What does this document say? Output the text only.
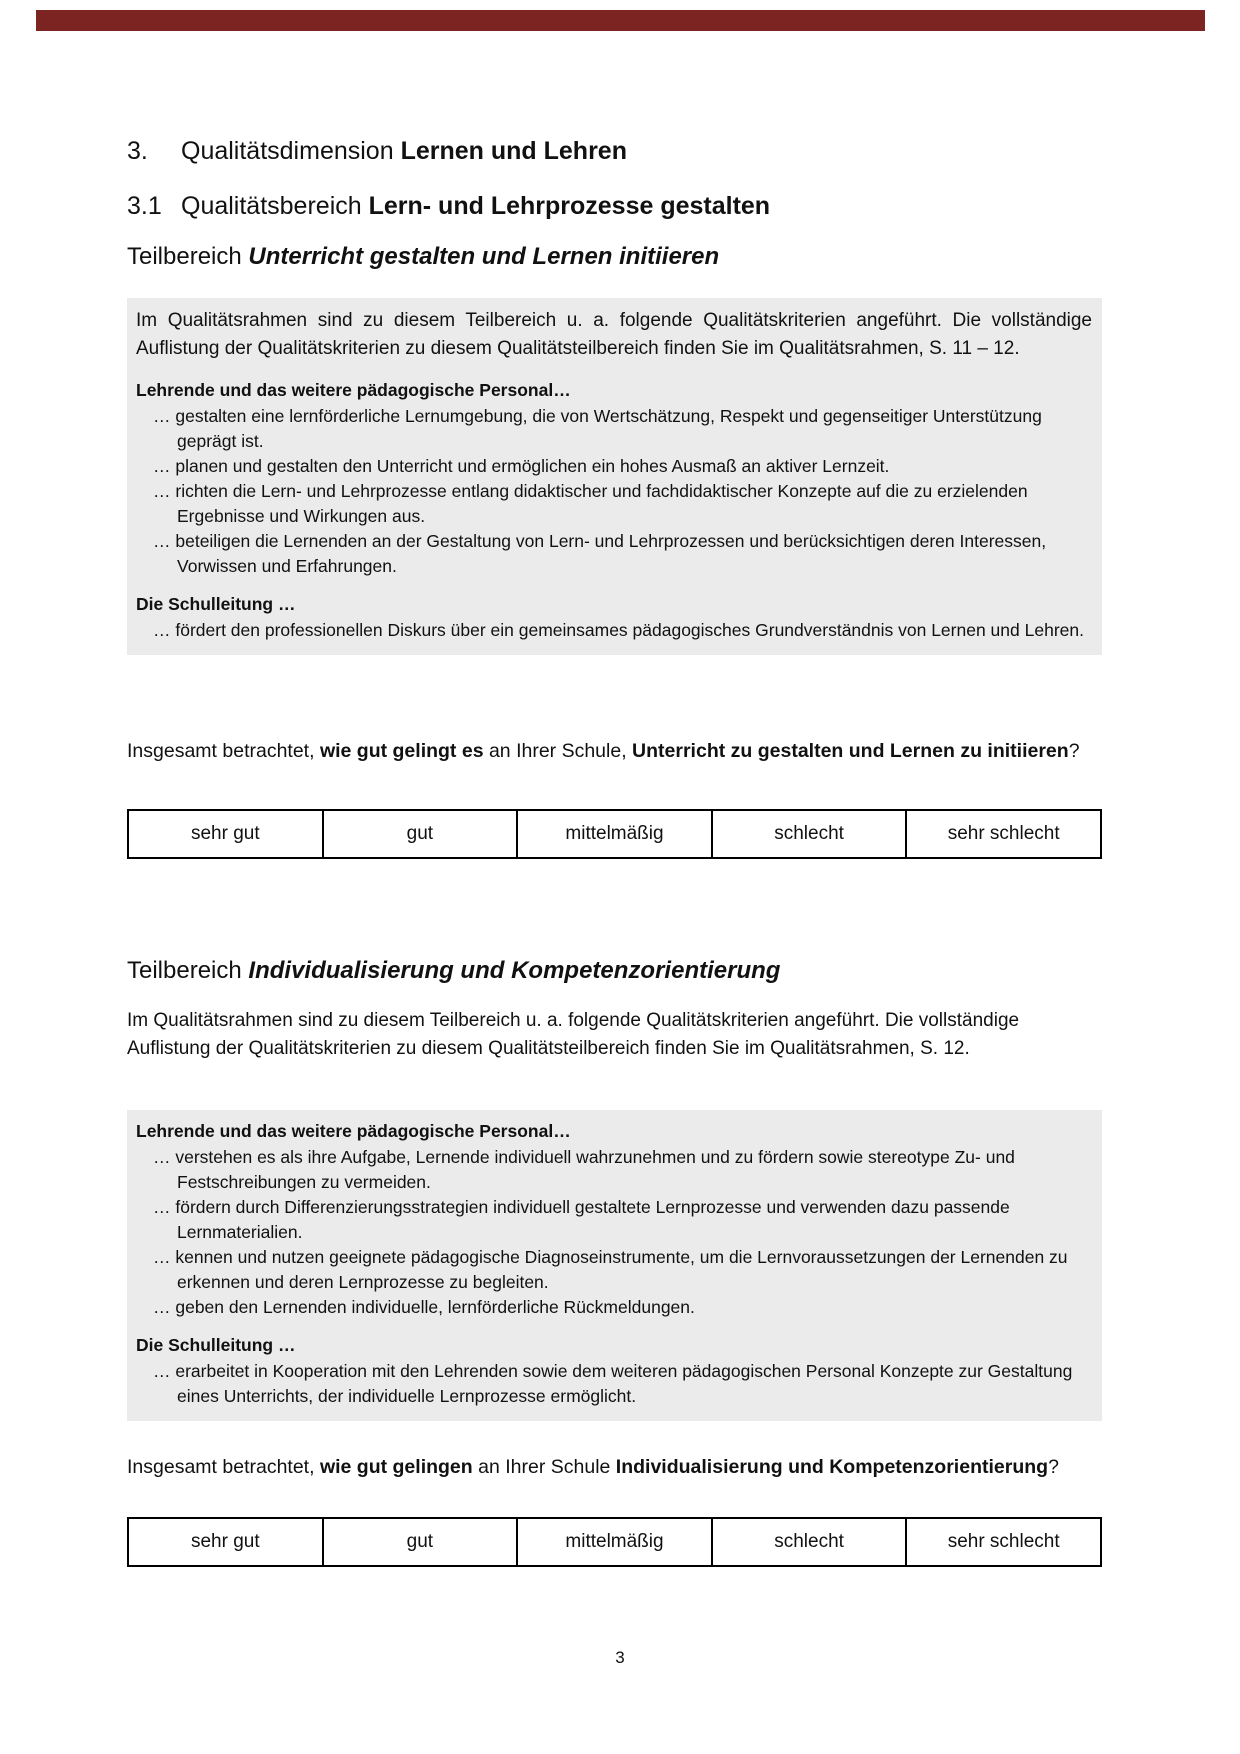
3. Qualitätsdimension Lernen und Lehren
3.1 Qualitätsbereich Lern- und Lehrprozesse gestalten
Teilbereich Unterricht gestalten und Lernen initiieren

Im Qualitätsrahmen sind zu diesem Teilbereich u. a. folgende Qualitätskriterien angeführt. Die vollständige Auflistung der Qualitätskriterien zu diesem Qualitätsteilbereich finden Sie im Qualitätsrahmen, S. 11 – 12.

Lehrende und das weitere pädagogische Personal…
… gestalten eine lernförderliche Lernumgebung, die von Wertschätzung, Respekt und gegenseitiger Unterstützung geprägt ist.
… planen und gestalten den Unterricht und ermöglichen ein hohes Ausmaß an aktiver Lernzeit.
… richten die Lern- und Lehrprozesse entlang didaktischer und fachdidaktischer Konzepte auf die zu erzielenden Ergebnisse und Wirkungen aus.
… beteiligen die Lernenden an der Gestaltung von Lern- und Lehrprozessen und berücksichtigen deren Interessen, Vorwissen und Erfahrungen.
Die Schulleitung …
… fördert den professionellen Diskurs über ein gemeinsames pädagogisches Grundverständnis von Lernen und Lehren.
Insgesamt betrachtet, wie gut gelingt es an Ihrer Schule, Unterricht zu gestalten und Lernen zu initiieren?
sehr gut	gut	mittelmäßig	schlecht	sehr schlecht
Teilbereich Individualisierung und Kompetenzorientierung

Im Qualitätsrahmen sind zu diesem Teilbereich u. a. folgende Qualitätskriterien angeführt. Die vollständige Auflistung der Qualitätskriterien zu diesem Qualitätsteilbereich finden Sie im Qualitätsrahmen, S. 12.

Lehrende und das weitere pädagogische Personal…
… verstehen es als ihre Aufgabe, Lernende individuell wahrzunehmen und zu fördern sowie stereotype Zu- und Festschreibungen zu vermeiden.
… fördern durch Differenzierungsstrategien individuell gestaltete Lernprozesse und verwenden dazu passende Lernmaterialien.
… kennen und nutzen geeignete pädagogische Diagnoseinstrumente, um die Lernvoraussetzungen der Lernenden zu erkennen und deren Lernprozesse zu begleiten.
… geben den Lernenden individuelle, lernförderliche Rückmeldungen.
Die Schulleitung …
… erarbeitet in Kooperation mit den Lehrenden sowie dem weiteren pädagogischen Personal Konzepte zur Gestaltung eines Unterrichts, der individuelle Lernprozesse ermöglicht.
Insgesamt betrachtet, wie gut gelingen an Ihrer Schule Individualisierung und Kompetenzorientierung?
sehr gut	gut	mittelmäßig	schlecht	sehr schlecht
3
